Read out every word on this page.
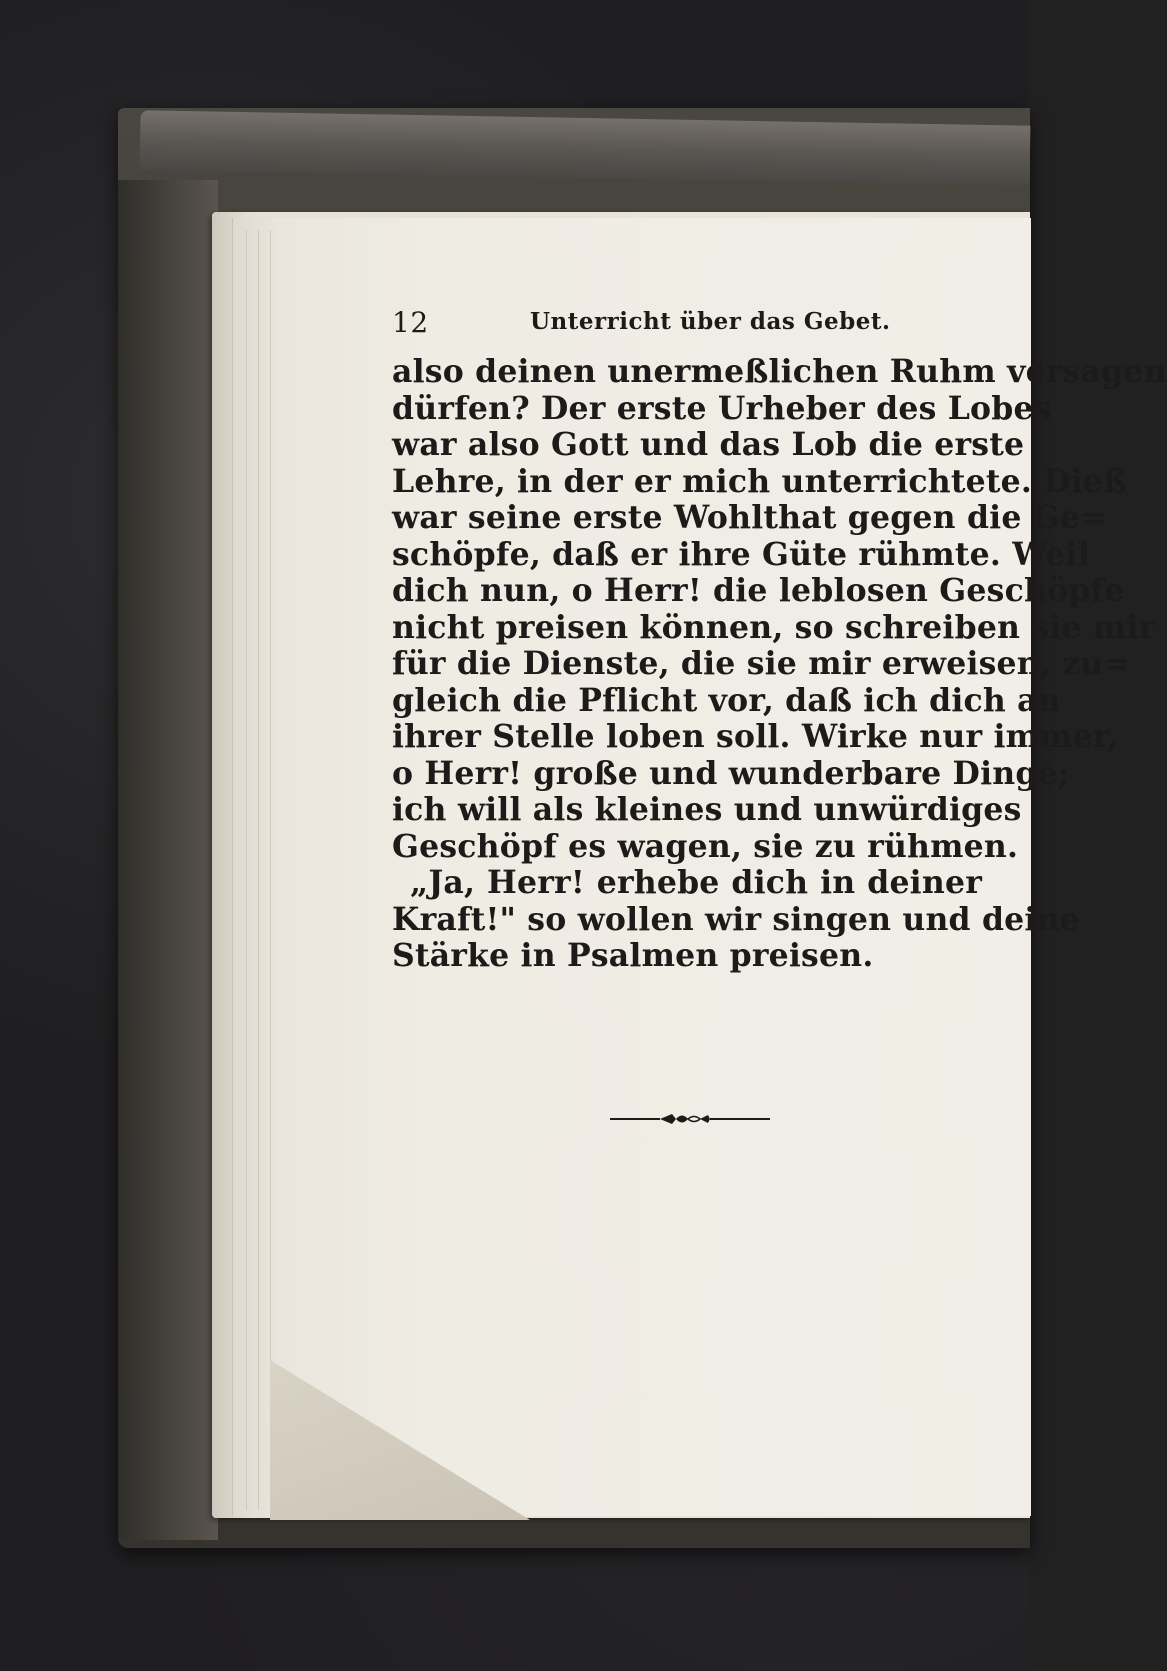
12	Unterricht über das Gebet.
also deinen unermeßlichen Ruhm versagen
dürfen? Der erste Urheber des Lobes
war also Gott und das Lob die erste
Lehre, in der er mich unterrichtete. Dieß
war seine erste Wohlthat gegen die Ge=
schöpfe, daß er ihre Güte rühmte. Weil
dich nun, o Herr! die leblosen Geschöpfe
nicht preisen können, so schreiben sie mir
für die Dienste, die sie mir erweisen, zu=
gleich die Pflicht vor, daß ich dich an
ihrer Stelle loben soll. Wirke nur immer,
o Herr! große und wunderbare Dinge;
ich will als kleines und unwürdiges
Geschöpf es wagen, sie zu rühmen.
„Ja, Herr! erhebe dich in deiner
Kraft!" so wollen wir singen und deine
Stärke in Psalmen preisen.
